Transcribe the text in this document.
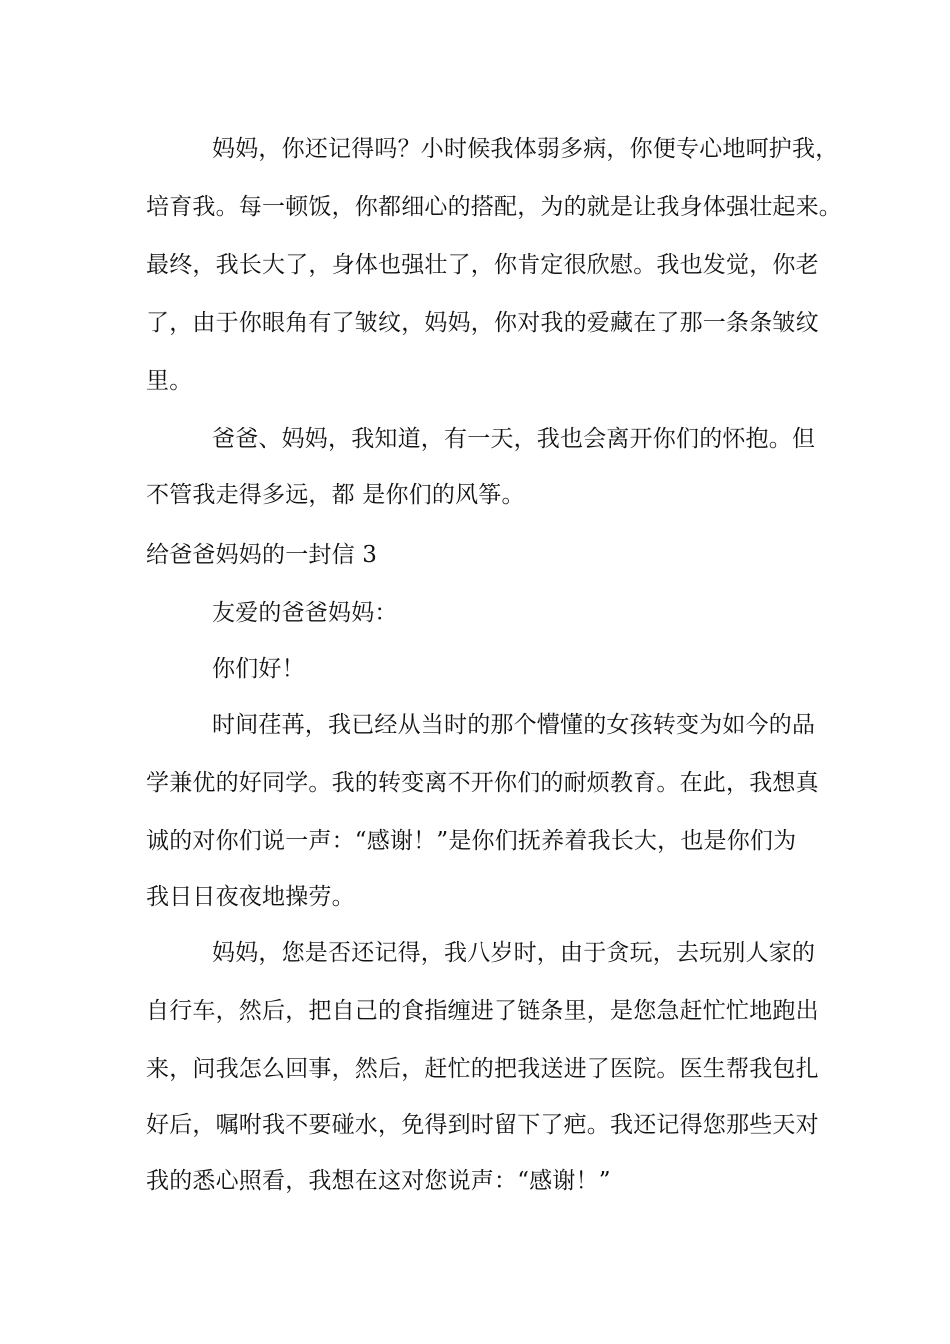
妈妈，你还记得吗？小时候我体弱多病，你便专心地呵护我，

培育我。每一顿饭，你都细心的搭配，为的就是让我身体强壮起来。

最终，我长大了，身体也强壮了，你肯定很欣慰。我也发觉，你老

了，由于你眼角有了皱纹，妈妈，你对我的爱藏在了那一条条皱纹

里。

爸爸、妈妈，我知道，有一天，我也会离开你们的怀抱。但

不管我走得多远，都 是你们的风筝。

给爸爸妈妈的一封信 3

友爱的爸爸妈妈：

你们好！

时间荏苒，我已经从当时的那个懵懂的女孩转变为如今的品

学兼优的好同学。我的转变离不开你们的耐烦教育。在此，我想真

诚的对你们说一声：“感谢！”是你们抚养着我长大，也是你们为

我日日夜夜地操劳。

妈妈，您是否还记得，我八岁时，由于贪玩，去玩别人家的

自行车，然后，把自己的食指缠进了链条里，是您急赶忙忙地跑出

来，问我怎么回事，然后，赶忙的把我送进了医院。医生帮我包扎

好后，嘱咐我不要碰水，免得到时留下了疤。我还记得您那些天对

我的悉心照看，我想在这对您说声：“感谢！”
